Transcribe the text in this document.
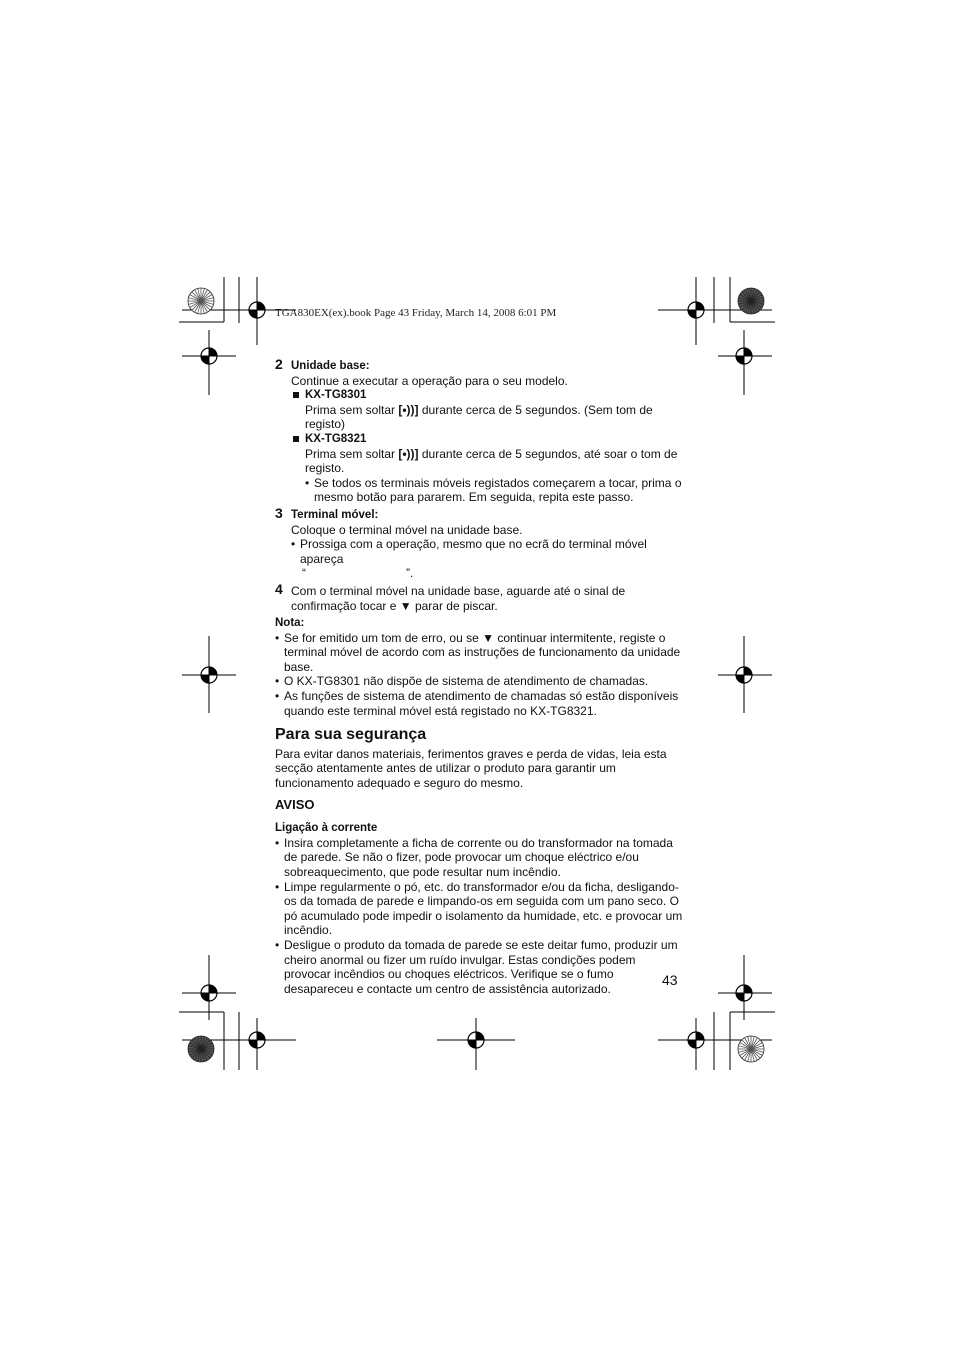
TGA830EX(ex).book Page 43 Friday, March 14, 2008 6:01 PM
2 Unidade base:
Continue a executar a operação para o seu modelo.
KX-TG8301
Prima sem soltar [•))] durante cerca de 5 segundos. (Sem tom de registo)
KX-TG8321
Prima sem soltar [•))] durante cerca de 5 segundos, até soar o tom de registo.
• Se todos os terminais móveis registados começarem a tocar, prima o mesmo botão para pararem. Em seguida, repita este passo.
3 Terminal móvel:
Coloque o terminal móvel na unidade base.
• Prossiga com a operação, mesmo que no ecrã do terminal móvel apareça
“                              ”.
4 Com o terminal móvel na unidade base, aguarde até o sinal de confirmação tocar e ▼ parar de piscar.
Nota:
• Se for emitido um tom de erro, ou se ▼ continuar intermitente, registe o terminal móvel de acordo com as instruções de funcionamento da unidade base.
• O KX-TG8301 não dispõe de sistema de atendimento de chamadas.
• As funções de sistema de atendimento de chamadas só estão disponíveis quando este terminal móvel está registado no KX-TG8321.
Para sua segurança
Para evitar danos materiais, ferimentos graves e perda de vidas, leia esta secção atentamente antes de utilizar o produto para garantir um funcionamento adequado e seguro do mesmo.
AVISO
Ligação à corrente
• Insira completamente a ficha de corrente ou do transformador na tomada de parede. Se não o fizer, pode provocar um choque eléctrico e/ou sobreaquecimento, que pode resultar num incêndio.
• Limpe regularmente o pó, etc. do transformador e/ou da ficha, desligando-os da tomada de parede e limpando-os em seguida com um pano seco. O pó acumulado pode impedir o isolamento da humidade, etc. e provocar um incêndio.
• Desligue o produto da tomada de parede se este deitar fumo, produzir um cheiro anormal ou fizer um ruído invulgar. Estas condições podem provocar incêndios ou choques eléctricos. Verifique se o fumo desapareceu e contacte um centro de assistência autorizado.
43
